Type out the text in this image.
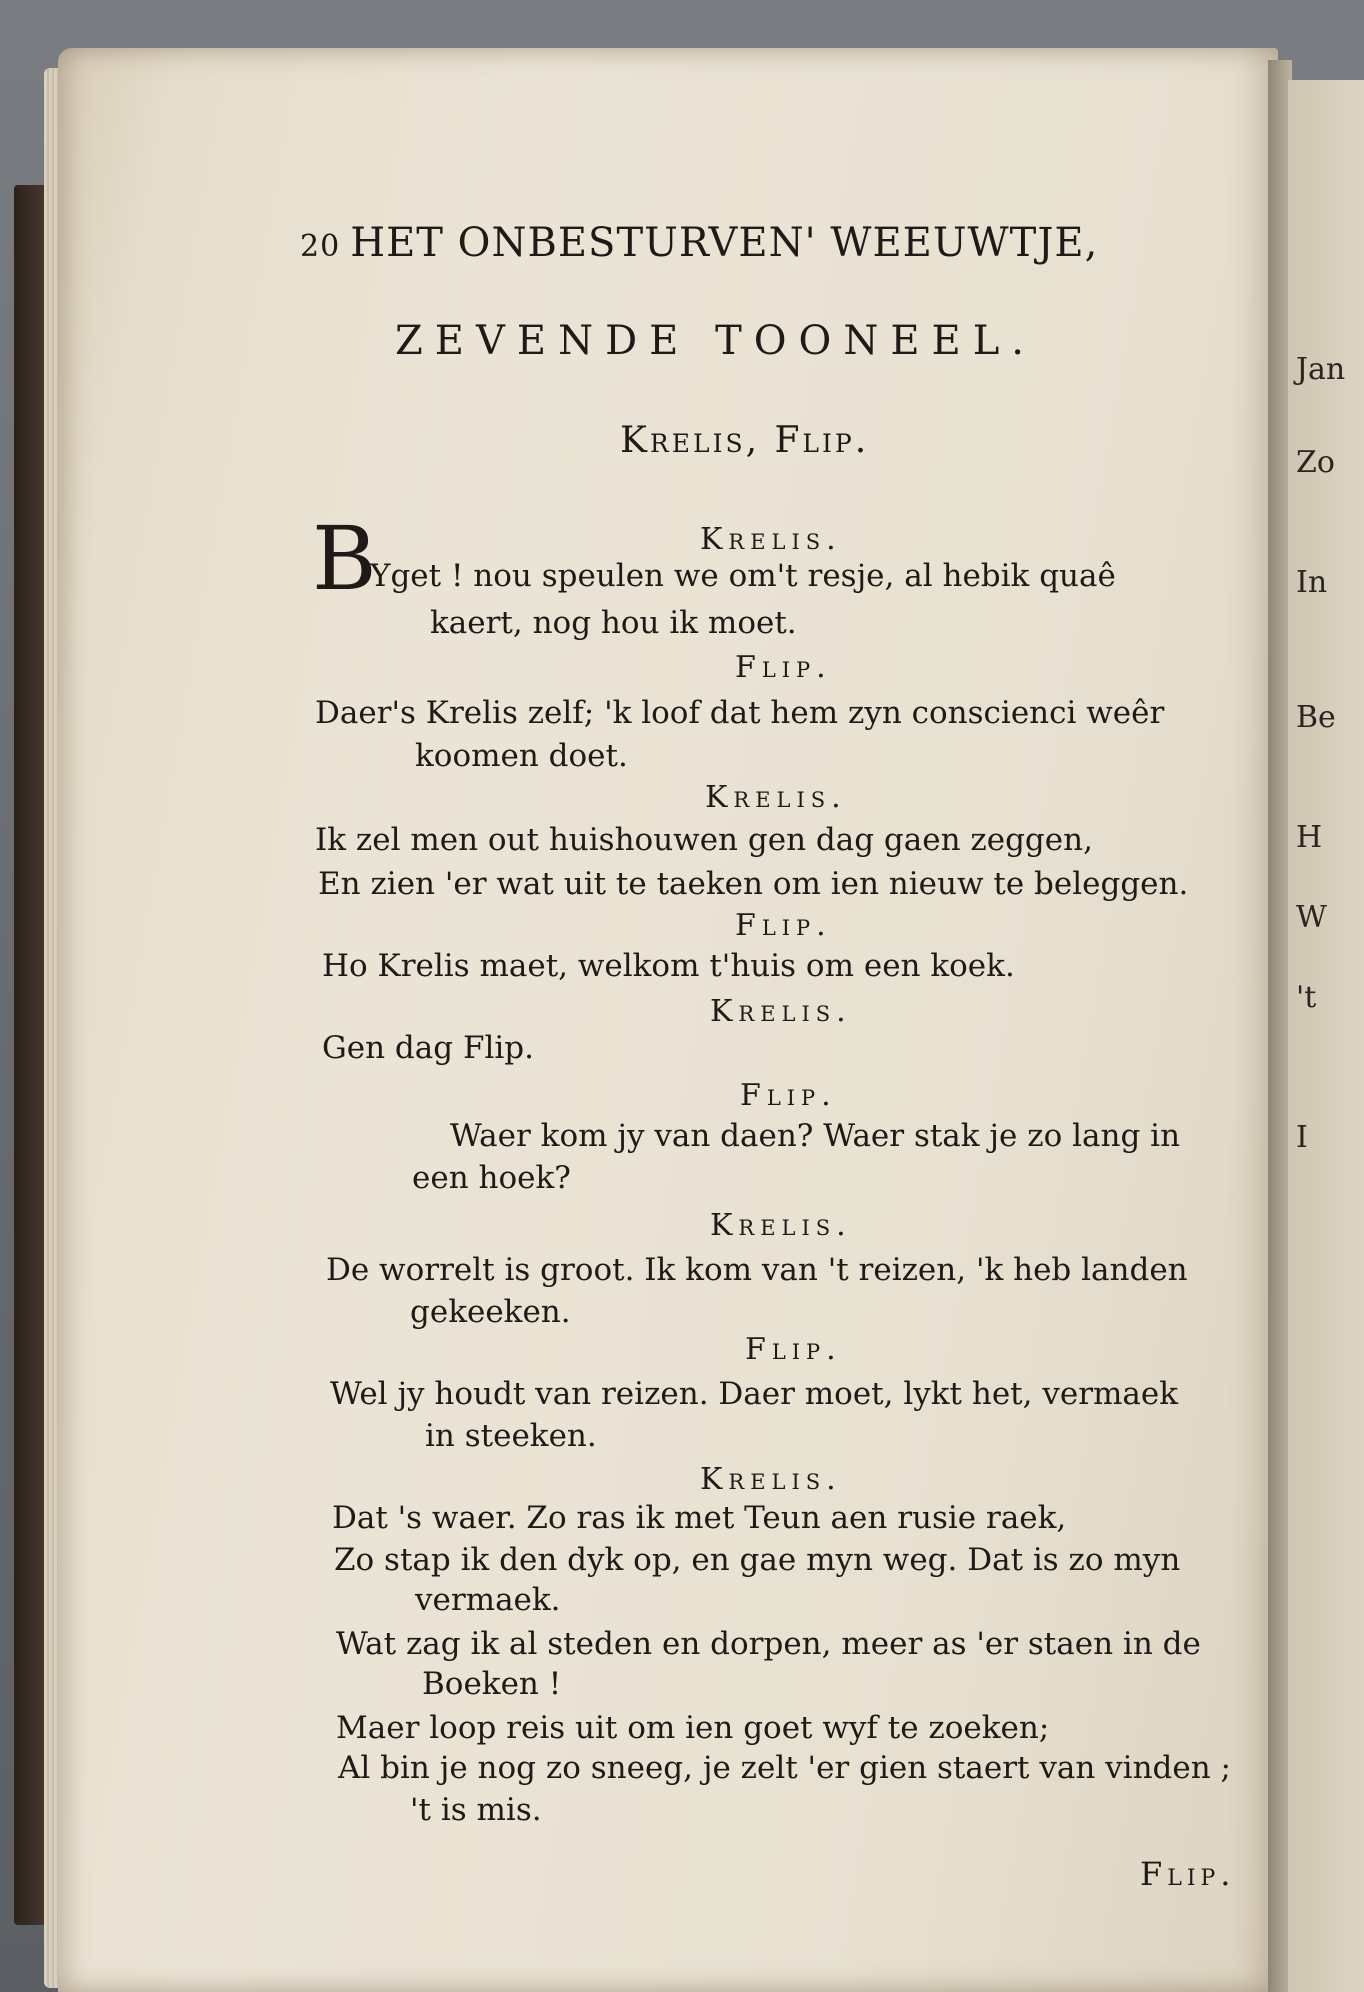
Jan
Zo
In
Be
H
W
't
I
20 HET ONBESTURVEN' WEEUWTJE,
ZEVENDE TOONEEL.
Krelis, Flip.
B	Krelis.
Yget ! nou speulen we om't resje, al hebik quaê
kaert, nog hou ik moet.
Flip.
Daer's Krelis zelf; 'k loof dat hem zyn conscienci weêr
koomen doet.
Krelis.
Ik zel men out huishouwen gen dag gaen zeggen,
En zien 'er wat uit te taeken om ien nieuw te beleggen.
Flip.
Ho Krelis maet, welkom t'huis om een koek.
Krelis.
Gen dag Flip.
Flip.
Waer kom jy van daen? Waer stak je zo lang in
een hoek?
Krelis.
De worrelt is groot. Ik kom van 't reizen, 'k heb landen
gekeeken.
Flip.
Wel jy houdt van reizen. Daer moet, lykt het, vermaek
in steeken.
Krelis.
Dat 's waer. Zo ras ik met Teun aen rusie raek,
Zo stap ik den dyk op, en gae myn weg. Dat is zo myn
vermaek.
Wat zag ik al steden en dorpen, meer as 'er staen in de
Boeken !
Maer loop reis uit om ien goet wyf te zoeken;
Al bin je nog zo sneeg, je zelt 'er gien staert van vinden ;
't is mis.
Flip.
